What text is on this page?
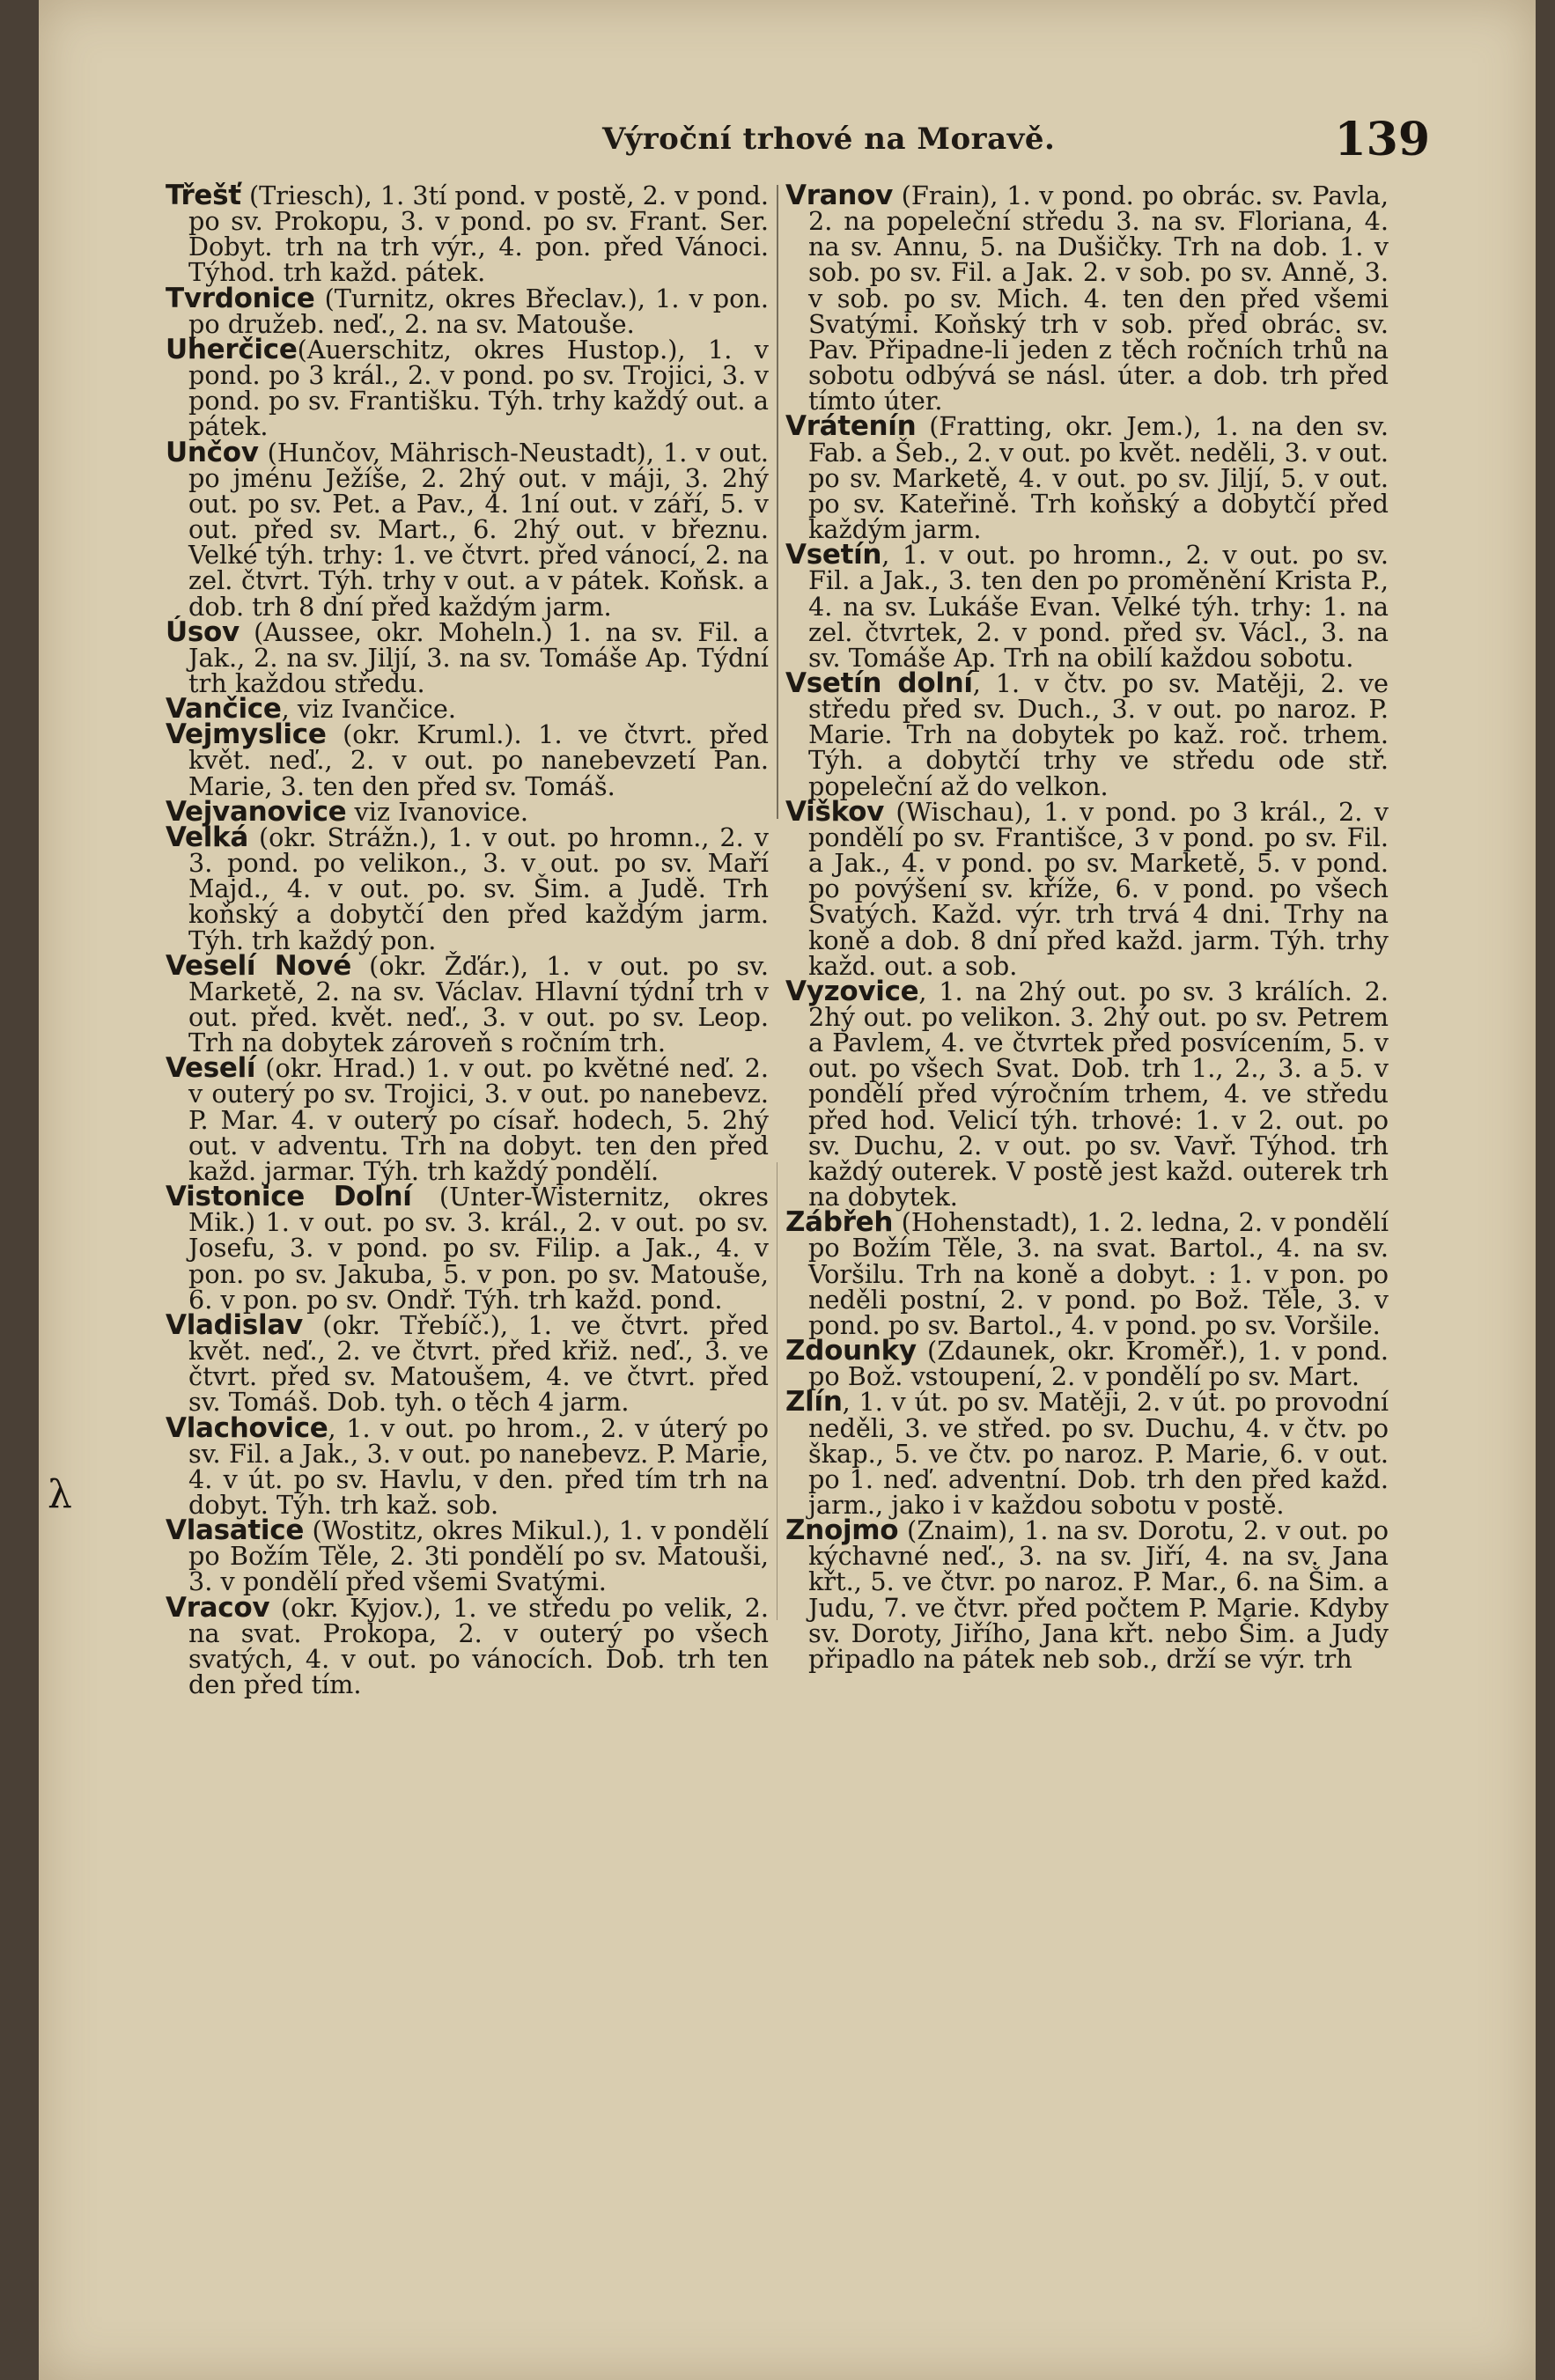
Výroční trhové na Moravě.	139
λ

Třešť (Triesch), 1. 3tí pond. v postě, 2. v pond. po sv. Prokopu, 3. v pond. po sv. Frant. Ser. Dobyt. trh na trh výr., 4. pon. před Vánoci. Týhod. trh každ. pátek.

Tvrdonice (Turnitz, okres Břeclav.), 1. v pon. po družeb. neď., 2. na sv. Matouše.

Uherčice(Auerschitz, okres Hustop.), 1. v pond. po 3 král., 2. v pond. po sv. Trojici, 3. v pond. po sv. Františku. Týh. trhy každý out. a pátek.

Unčov (Hunčov, Mährisch-Neustadt), 1. v out. po jménu Ježíše, 2. 2hý out. v máji, 3. 2hý out. po sv. Pet. a Pav., 4. 1ní out. v září, 5. v out. před sv. Mart., 6. 2hý out. v březnu. Velké týh. trhy: 1. ve čtvrt. před vánocí, 2. na zel. čtvrt. Týh. trhy v out. a v pátek. Koňsk. a dob. trh 8 dní před každým jarm.

Úsov (Aussee, okr. Moheln.) 1. na sv. Fil. a Jak., 2. na sv. Jiljí, 3. na sv. Tomáše Ap. Týdní trh každou středu.

Vančice, viz Ivančice.

Vejmyslice (okr. Kruml.). 1. ve čtvrt. před květ. neď., 2. v out. po nanebevzetí Pan. Marie, 3. ten den před sv. Tomáš.

Vejvanovice viz Ivanovice.

Velká (okr. Strážn.), 1. v out. po hromn., 2. v 3. pond. po velikon., 3. v out. po sv. Maří Majd., 4. v out. po. sv. Šim. a Judě. Trh koňský a dobytčí den před každým jarm. Týh. trh každý pon.

Veselí Nové (okr. Žďár.), 1. v out. po sv. Marketě, 2. na sv. Václav. Hlavní týdní trh v out. před. květ. neď., 3. v out. po sv. Leop. Trh na dobytek zároveň s ročním trh.

Veselí (okr. Hrad.) 1. v out. po květné neď. 2. v outerý po sv. Trojici, 3. v out. po nanebevz. P. Mar. 4. v outerý po císař. hodech, 5. 2hý out. v adventu. Trh na dobyt. ten den před každ. jarmar. Týh. trh každý pondělí.

Vistonice Dolní (Unter-Wisternitz, okres Mik.) 1. v out. po sv. 3. král., 2. v out. po sv. Josefu, 3. v pond. po sv. Filip. a Jak., 4. v pon. po sv. Jakuba, 5. v pon. po sv. Matouše, 6. v pon. po sv. Ondř. Týh. trh každ. pond.

Vladislav (okr. Třebíč.), 1. ve čtvrt. před květ. neď., 2. ve čtvrt. před křiž. neď., 3. ve čtvrt. před sv. Matoušem, 4. ve čtvrt. před sv. Tomáš. Dob. tyh. o těch 4 jarm.

Vlachovice, 1. v out. po hrom., 2. v úterý po sv. Fil. a Jak., 3. v out. po nanebevz. P. Marie, 4. v út. po sv. Havlu, v den. před tím trh na dobyt. Týh. trh kaž. sob.

Vlasatice (Wostitz, okres Mikul.), 1. v pondělí po Božím Těle, 2. 3ti pondělí po sv. Matouši, 3. v pondělí před všemi Svatými.

Vracov (okr. Kyjov.), 1. ve středu po velik, 2. na svat. Prokopa, 2. v outerý po všech svatých, 4. v out. po vánocích. Dob. trh ten den před tím.

Vranov (Frain), 1. v pond. po obrác. sv. Pavla, 2. na popeleční středu 3. na sv. Floriana, 4. na sv. Annu, 5. na Dušičky. Trh na dob. 1. v sob. po sv. Fil. a Jak. 2. v sob. po sv. Anně, 3. v sob. po sv. Mich. 4. ten den před všemi Svatými. Koňský trh v sob. před obrác. sv. Pav. Připadne-li jeden z těch ročních trhů na sobotu odbývá se násl. úter. a dob. trh před tímto úter.

Vrátenín (Fratting, okr. Jem.), 1. na den sv. Fab. a Šeb., 2. v out. po květ. neděli, 3. v out. po sv. Marketě, 4. v out. po sv. Jiljí, 5. v out. po sv. Kateřině. Trh koňský a dobytčí před každým jarm.

Vsetín, 1. v out. po hromn., 2. v out. po sv. Fil. a Jak., 3. ten den po proměnění Krista P., 4. na sv. Lukáše Evan. Velké týh. trhy: 1. na zel. čtvrtek, 2. v pond. před sv. Václ., 3. na sv. Tomáše Ap. Trh na obilí každou sobotu.

Vsetín dolní, 1. v čtv. po sv. Matěji, 2. ve středu před sv. Duch., 3. v out. po naroz. P. Marie. Trh na dobytek po kaž. roč. trhem. Týh. a dobytčí trhy ve středu ode stř. popeleční až do velkon.

Viškov (Wischau), 1. v pond. po 3 král., 2. v pondělí po sv. Františce, 3 v pond. po sv. Fil. a Jak., 4. v pond. po sv. Marketě, 5. v pond. po povýšení sv. kříže, 6. v pond. po všech Svatých. Každ. výr. trh trvá 4 dni. Trhy na koně a dob. 8 dní před každ. jarm. Týh. trhy každ. out. a sob.

Vyzovice, 1. na 2hý out. po sv. 3 králích. 2. 2hý out. po velikon. 3. 2hý out. po sv. Petrem a Pavlem, 4. ve čtvrtek před posvícením, 5. v out. po všech Svat. Dob. trh 1., 2., 3. a 5. v pondělí před výročním trhem, 4. ve středu před hod. Velicí týh. trhové: 1. v 2. out. po sv. Duchu, 2. v out. po sv. Vavř. Týhod. trh každý outerek. V postě jest každ. outerek trh na dobytek.

Zábřeh (Hohenstadt), 1. 2. ledna, 2. v pondělí po Božím Těle, 3. na svat. Bartol., 4. na sv. Voršilu. Trh na koně a dobyt. : 1. v pon. po neděli postní, 2. v pond. po Bož. Těle, 3. v pond. po sv. Bartol., 4. v pond. po sv. Voršile.

Zdounky (Zdaunek, okr. Kroměř.), 1. v pond. po Bož. vstoupení, 2. v pondělí po sv. Mart.

Zlín, 1. v út. po sv. Matěji, 2. v út. po provodní neděli, 3. ve střed. po sv. Duchu, 4. v čtv. po škap., 5. ve čtv. po naroz. P. Marie, 6. v out. po 1. neď. adventní. Dob. trh den před každ. jarm., jako i v každou sobotu v postě.

Znojmo (Znaim), 1. na sv. Dorotu, 2. v out. po kýchavné neď., 3. na sv. Jiří, 4. na sv. Jana křt., 5. ve čtvr. po naroz. P. Mar., 6. na Šim. a Judu, 7. ve čtvr. před počtem P. Marie. Kdyby sv. Doroty, Jiřího, Jana křt. nebo Šim. a Judy připadlo na pátek neb sob., drží se výr. trh
